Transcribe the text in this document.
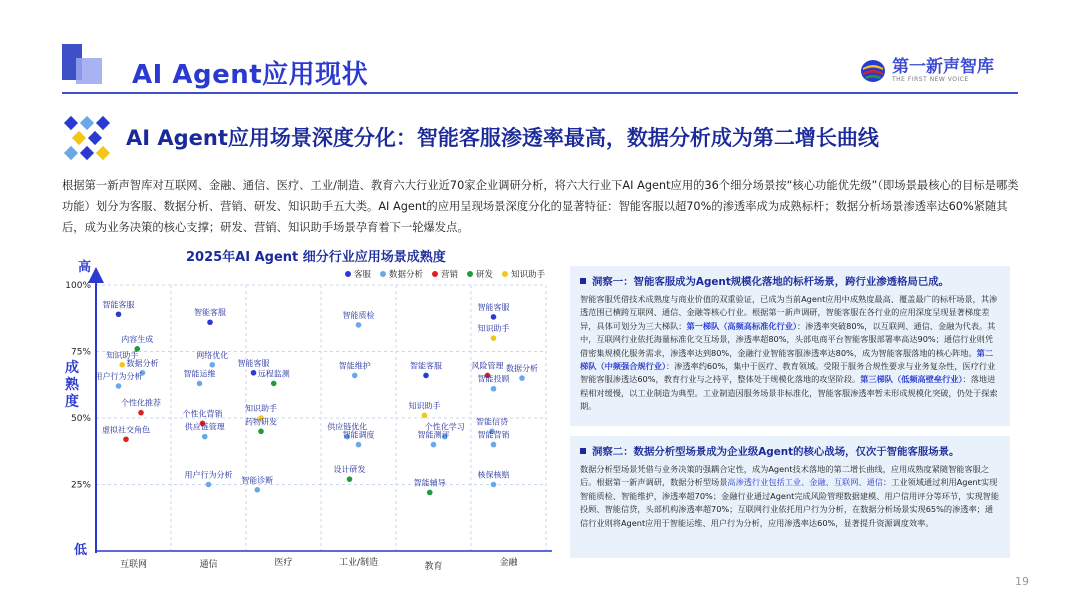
AI Agent应用现状	第一新声智库
THE FIRST NEW VOICE
AI Agent应用场景深度分化：智能客服渗透率最高，数据分析成为第二增长曲线
根据第一新声智库对互联网、金融、通信、医疗、工业/制造、教育六大行业近70家企业调研分析，将六大行业下AI Agent应用的36个细分场景按“核心功能优先级”（即场景最核心的目标是哪类功能）划分为客服、数据分析、营销、研发、知识助手五大类。AI Agent的应用呈现场景深度分化的显著特征：智能客服以超70%的渗透率成为成熟标杆；数据分析场景渗透率达60%紧随其后，成为业务决策的核心支撑；研发、营销、知识助手场景孕育着下一轮爆发点。
2025年AI Agent 细分行业应用场景成熟度
客服 数据分析 营销 研发 知识助手
100%
75%
50%
25%
高
低
成
熟
度
互联网	通信	医疗	工业/制造	教育	金融
智能客服
内容生成
知识助手
数据分析
用户行为分析
个性化推荐
虚拟社交角色
智能客服
网络优化
智能运维
个性化营销
供应链管理
用户行为分析
智能客服
远程监测
知识助手
药物研发
智能诊断
智能质检
智能维护
供应链优化
智能调度
设计研发
智能客服
知识助手
个性化学习
智能测评
智能辅导
智能客服
知识助手
风险管理 数据分析
智能投顾
智能信贷
智能营销
核保核赔
洞察一：智能客服成为Agent规模化落地的标杆场景，跨行业渗透格局已成。
智能客服凭借技术成熟度与商业价值的双重验证，已成为当前Agent应用中成熟度最高、覆盖最广的标杆场景，其渗透范围已横跨互联网、通信、金融等核心行业。根据第一新声调研，智能客服在各行业的应用深度呈现显著梯度差异，具体可划分为三大梯队：第一梯队（高频高标准化行业）：渗透率突破80%，以互联网、通信、金融为代表。其中，互联网行业依托海量标准化交互场景，渗透率超80%，头部电商平台智能客服部署率高达90%；通信行业则凭借密集规模化服务需求，渗透率达到80%，金融行业智能客服渗透率达80%，成为智能客服落地的核心阵地。第二梯队（中频强合规行业）：渗透率约60%，集中于医疗、教育领域。受限于服务合规性要求与业务复杂性，医疗行业智能客服渗透达60%，教育行业与之持平，整体处于规模化落地的攻坚阶段。第三梯队（低频高壁垒行业）：落地进程相对缓慢，以工业制造为典型。工业制造因服务场景非标准化，智能客服渗透率暂未形成规模化突破，仍处于探索期。
洞察二：数据分析型场景成为企业级Agent的核心战场，仅次于智能客服场景。
数据分析型场景凭借与业务决策的强耦合定性，成为Agent技术落地的第二增长曲线，应用成熟度紧随智能客服之后。根据第一新声调研，数据分析型场景高渗透行业包括工业、金融、互联网、通信：工业领域通过利用Agent实现智能质检、智能维护，渗透率超70%；金融行业通过Agent完成风险管理数据建模、用户信用评分等环节，实现智能投顾、智能信贷，头部机构渗透率超70%；互联网行业依托用户行为分析，在数据分析场景实现65%的渗透率；通信行业则将Agent应用于智能运维、用户行为分析，应用渗透率达60%，显著提升资源调度效率。
19
